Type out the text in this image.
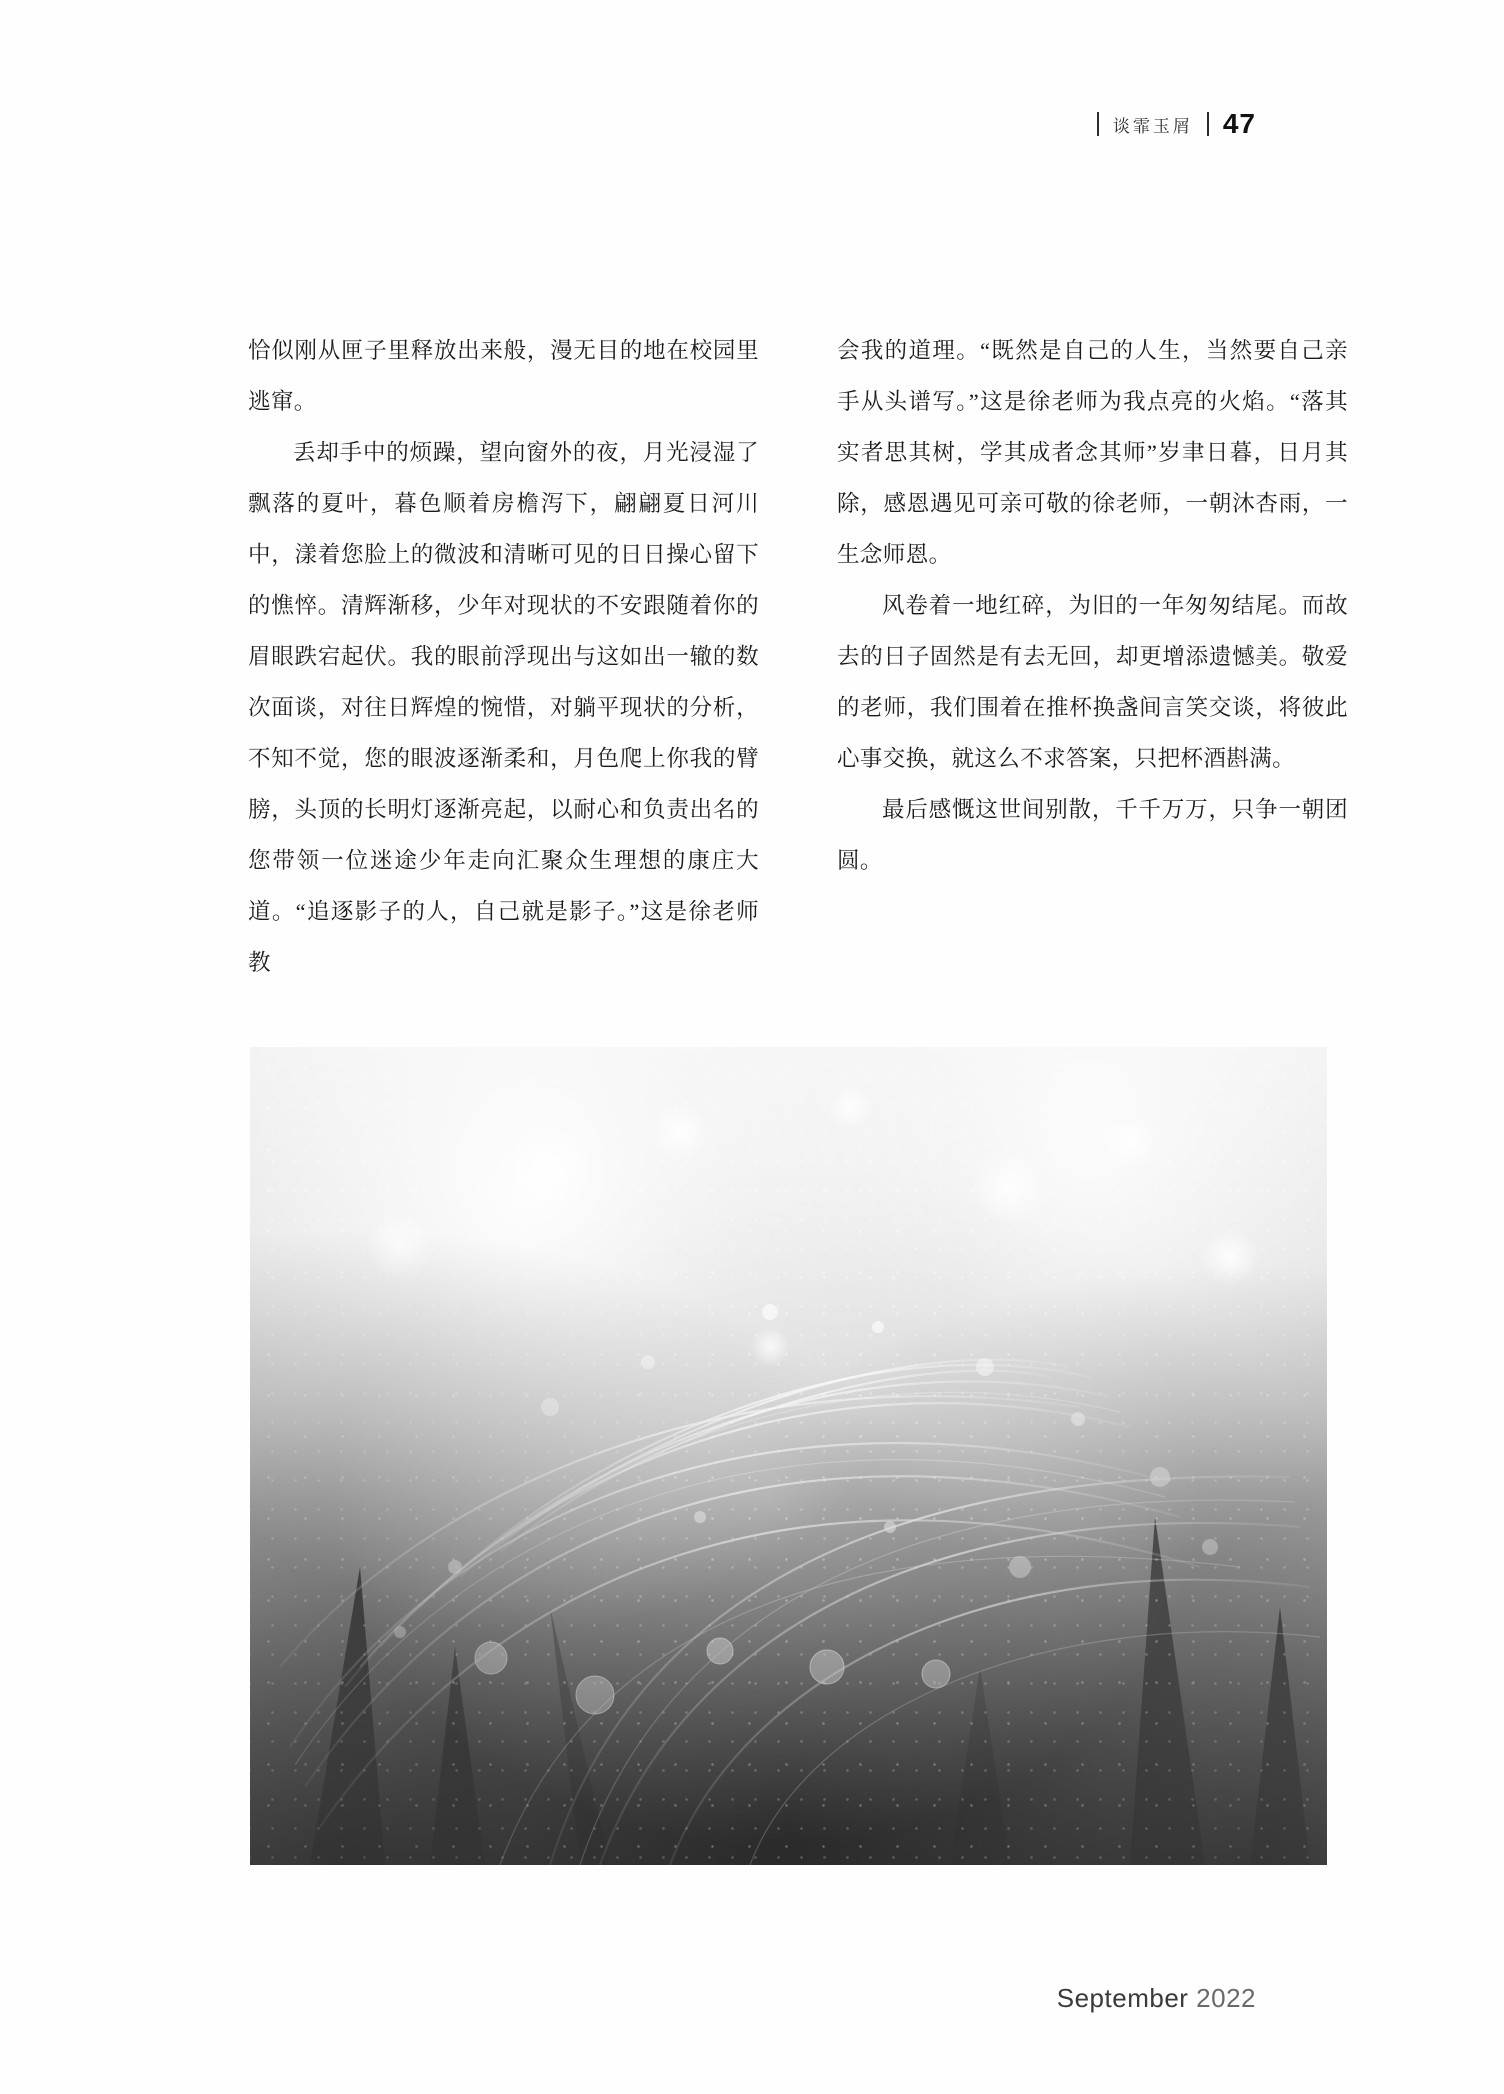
谈霏玉屑 47

恰似刚从匣子里释放出来般，漫无目的地在校园里逃窜。

丢却手中的烦躁，望向窗外的夜，月光浸湿了飘落的夏叶，暮色顺着房檐泻下，翩翩夏日河川中，漾着您脸上的微波和清晰可见的日日操心留下的憔悴。清辉渐移，少年对现状的不安跟随着你的眉眼跌宕起伏。我的眼前浮现出与这如出一辙的数次面谈，对往日辉煌的惋惜，对躺平现状的分析，不知不觉，您的眼波逐渐柔和，月色爬上你我的臂膀，头顶的长明灯逐渐亮起，以耐心和负责出名的您带领一位迷途少年走向汇聚众生理想的康庄大道。“追逐影子的人，自己就是影子。”这是徐老师教

会我的道理。“既然是自己的人生，当然要自己亲手从头谱写。”这是徐老师为我点亮的火焰。“落其实者思其树，学其成者念其师”岁聿日暮，日月其除，感恩遇见可亲可敬的徐老师，一朝沐杏雨，一生念师恩。

风卷着一地红碎，为旧的一年匆匆结尾。而故去的日子固然是有去无回，却更增添遗憾美。敬爱的老师，我们围着在推杯换盏间言笑交谈，将彼此心事交换，就这么不求答案，只把杯酒斟满。

最后感慨这世间别散，千千万万，只争一朝团圆。

September 2022
